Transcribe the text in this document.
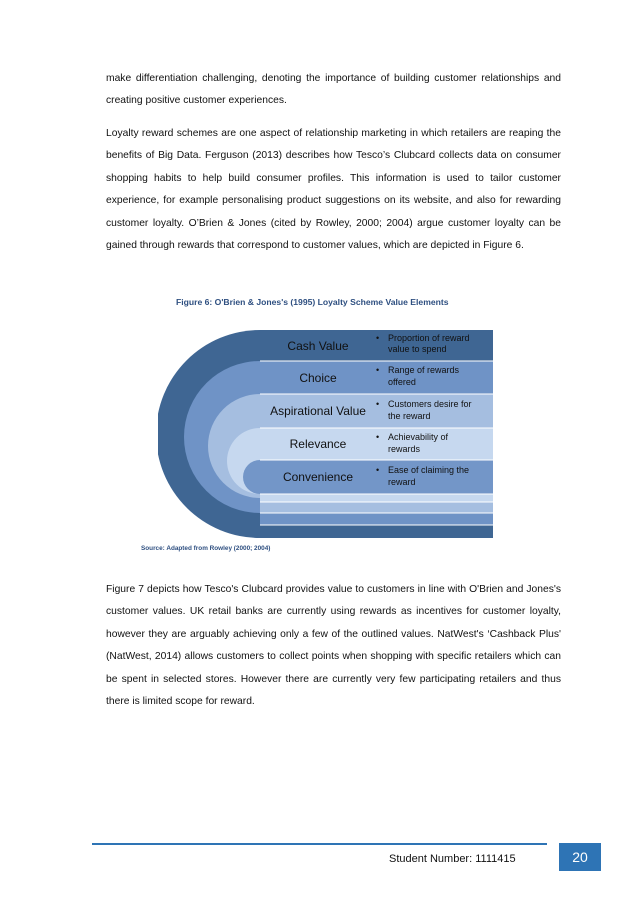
make differentiation challenging, denoting the importance of building customer relationships and creating positive customer experiences.

Loyalty reward schemes are one aspect of relationship marketing in which retailers are reaping the benefits of Big Data. Ferguson (2013) describes how Tesco’s Clubcard collects data on consumer shopping habits to help build consumer profiles. This information is used to tailor customer experience, for example personalising product suggestions on its website, and also for rewarding customer loyalty. O’Brien & Jones (cited by Rowley, 2000; 2004) argue customer loyalty can be gained through rewards that correspond to customer values, which are depicted in Figure 6.

Figure 6: O'Brien & Jones's (1995) Loyalty Scheme Value Elements
Cash Value
Choice
Aspirational Value
Relevance
Convenience
• Proportion of reward
value to spend
• Range of rewards
offered
• Customers desire for
the reward
• Achievability of
rewards
• Ease of claiming the
reward
Source: Adapted from Rowley (2000; 2004)

Figure 7 depicts how Tesco's Clubcard provides value to customers in line with O'Brien and Jones's customer values. UK retail banks are currently using rewards as incentives for customer loyalty, however they are arguably achieving only a few of the outlined values. NatWest's ‘Cashback Plus' (NatWest, 2014) allows customers to collect points when shopping with specific retailers which can be spent in selected stores. However there are currently very few participating retailers and thus there is limited scope for reward.

Student Number: 1111415	20
